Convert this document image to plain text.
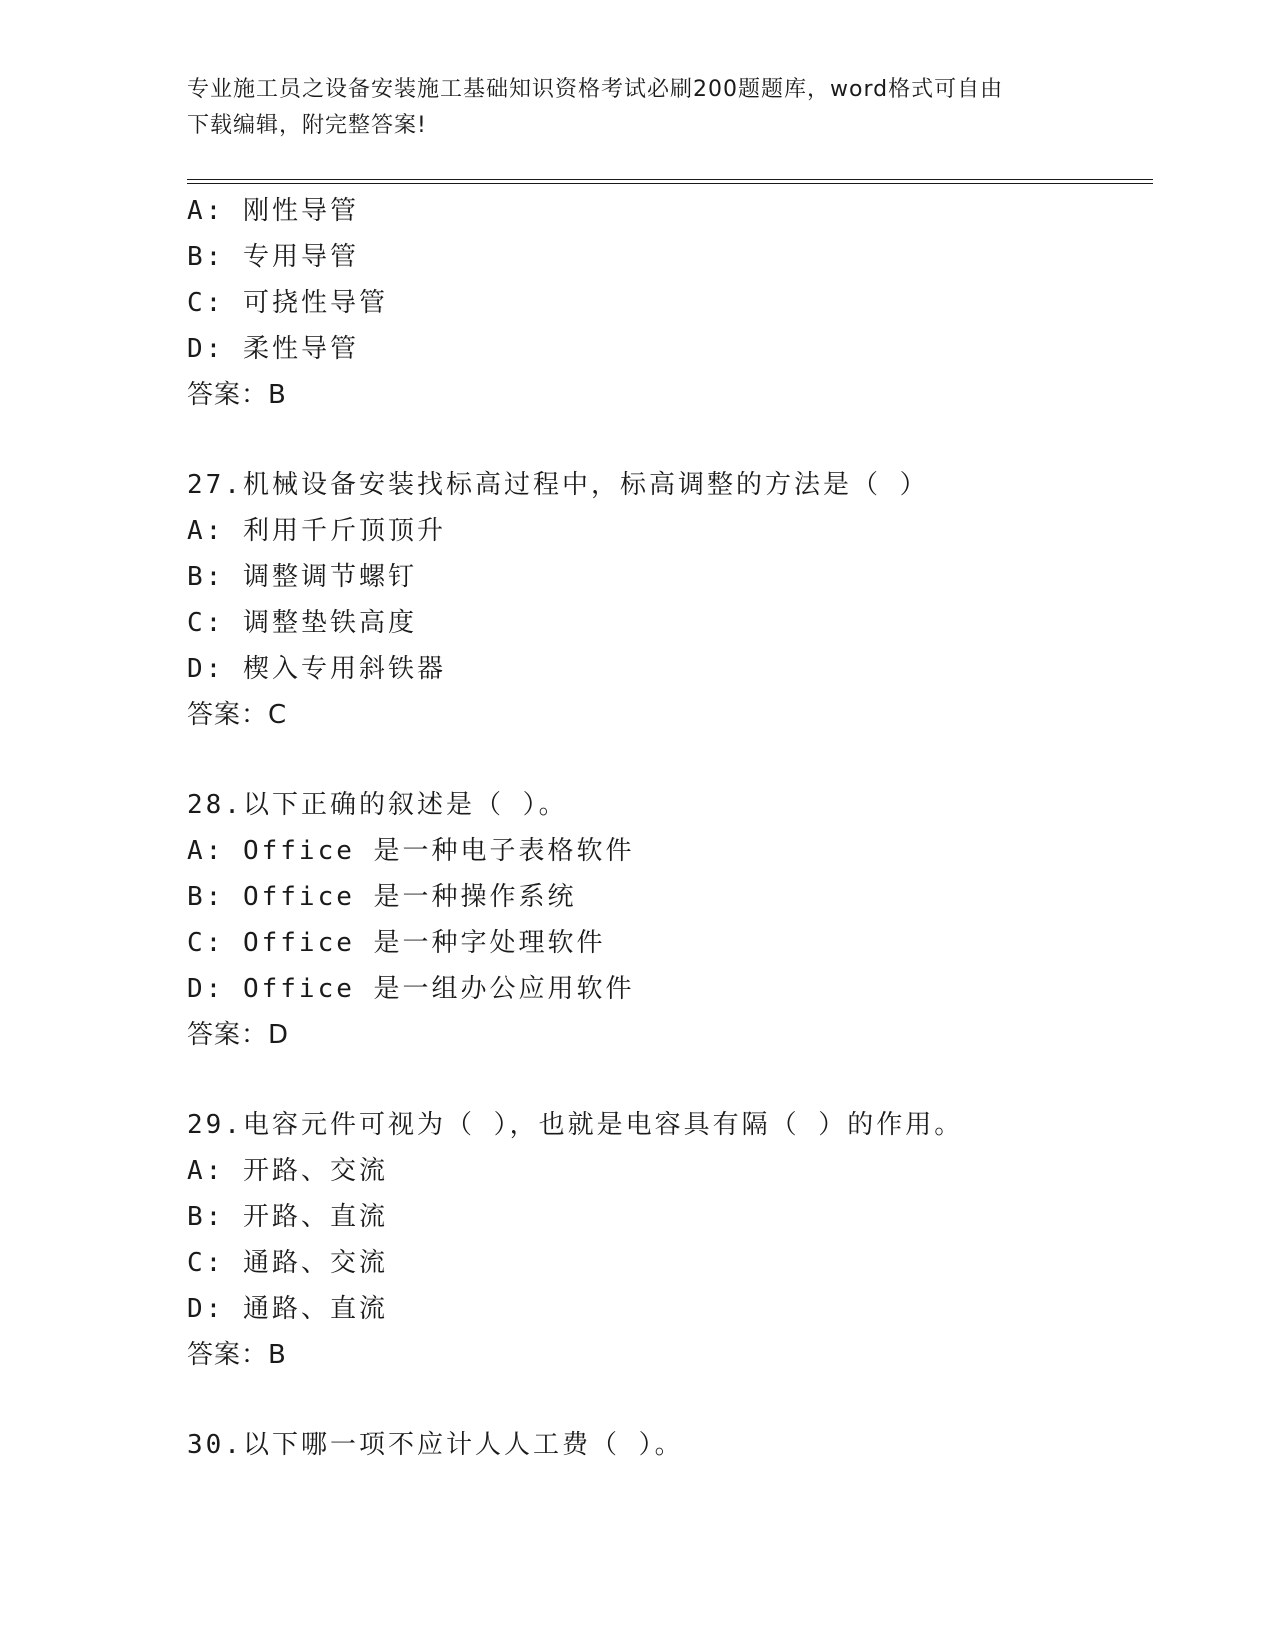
专业施工员之设备安装施工基础知识资格考试必刷200题题库，word格式可自由
下载编辑，附完整答案!
A: 刚性导管
B: 专用导管
C: 可挠性导管
D: 柔性导管
答案：B
27.机械设备安装找标高过程中，标高调整的方法是（ ）
A: 利用千斤顶顶升
B: 调整调节螺钉
C: 调整垫铁高度
D: 楔入专用斜铁器
答案：C
28.以下正确的叙述是（ ）。
A: Office 是一种电子表格软件
B: Office 是一种操作系统
C: Office 是一种字处理软件
D: Office 是一组办公应用软件
答案：D
29.电容元件可视为（ ），也就是电容具有隔（ ）的作用。
A: 开路、交流
B: 开路、直流
C: 通路、交流
D: 通路、直流
答案：B
30.以下哪一项不应计人人工费（ ）。
